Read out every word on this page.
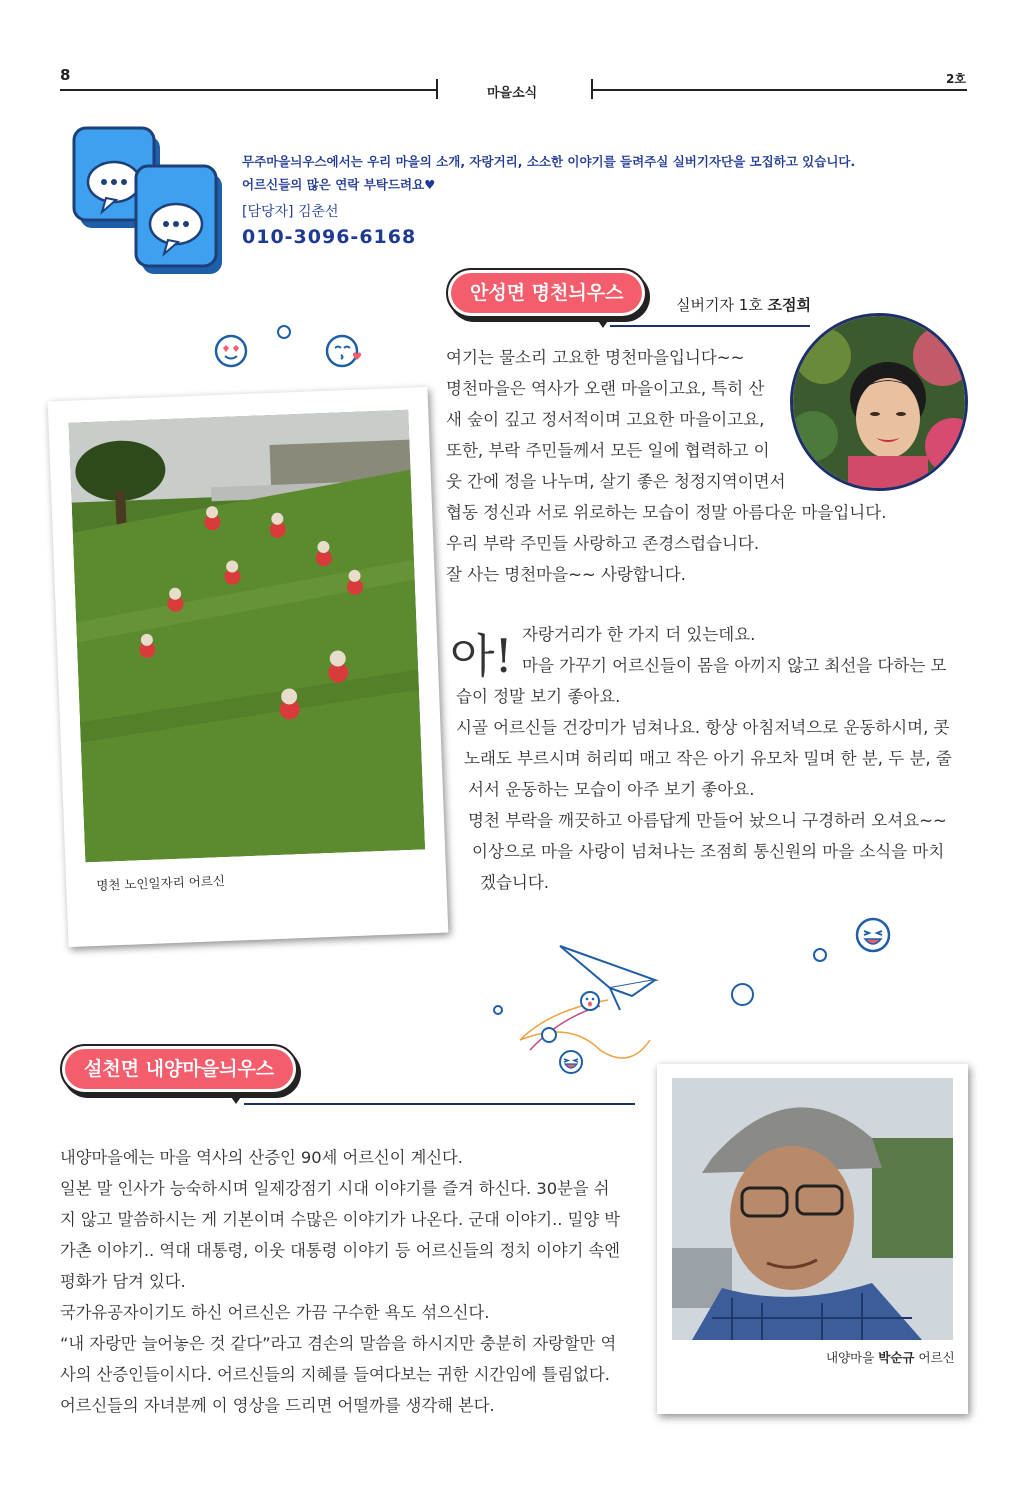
8
마을소식
2호
무주마을늬우스에서는 우리 마을의 소개, 자랑거리, 소소한 이야기를 들려주실 실버기자단을 모집하고 있습니다.
어르신들의 많은 연락 부탁드려요♥
[담당자] 김춘선
010-3096-6168
안성면 명천늬우스
실버기자 1호 조점희
명천 노인일자리 어르신
여기는 물소리 고요한 명천마을입니다~~
명천마을은 역사가 오랜 마을이고요, 특히 산
새 숲이 깊고 정서적이며 고요한 마을이고요,
또한, 부락 주민들께서 모든 일에 협력하고 이
웃 간에 정을 나누며, 살기 좋은 청정지역이면서
협동 정신과 서로 위로하는 모습이 정말 아름다운 마을입니다.
우리 부락 주민들 사랑하고 존경스럽습니다.
잘 사는 명천마을~~ 사랑합니다.
아! 자랑거리가 한 가지 더 있는데요.
마을 가꾸기 어르신들이 몸을 아끼지 않고 최선을 다하는 모
습이 정말 보기 좋아요.
시골 어르신들 건강미가 넘쳐나요. 항상 아침저녁으로 운동하시며, 콧
노래도 부르시며 허리띠 매고 작은 아기 유모차 밀며 한 분, 두 분, 줄
서서 운동하는 모습이 아주 보기 좋아요.
명천 부락을 깨끗하고 아름답게 만들어 놨으니 구경하러 오셔요~~
이상으로 마을 사랑이 넘쳐나는 조점희 통신원의 마을 소식을 마치
겠습니다.
설천면 내양마을늬우스
내양마을에는 마을 역사의 산증인 90세 어르신이 계신다.
일본 말 인사가 능숙하시며 일제강점기 시대 이야기를 즐겨 하신다. 30분을 쉬
지 않고 말씀하시는 게 기본이며 수많은 이야기가 나온다. 군대 이야기.. 밀양 박
가촌 이야기.. 역대 대통령, 이웃 대통령 이야기 등 어르신들의 정치 이야기 속엔
평화가 담겨 있다.
국가유공자이기도 하신 어르신은 가끔 구수한 욕도 섞으신다.
“내 자랑만 늘어놓은 것 같다”라고 겸손의 말씀을 하시지만 충분히 자랑할만 역
사의 산증인들이시다. 어르신들의 지혜를 들여다보는 귀한 시간임에 틀림없다.
어르신들의 자녀분께 이 영상을 드리면 어떨까를 생각해 본다.
내양마을 박순규 어르신
